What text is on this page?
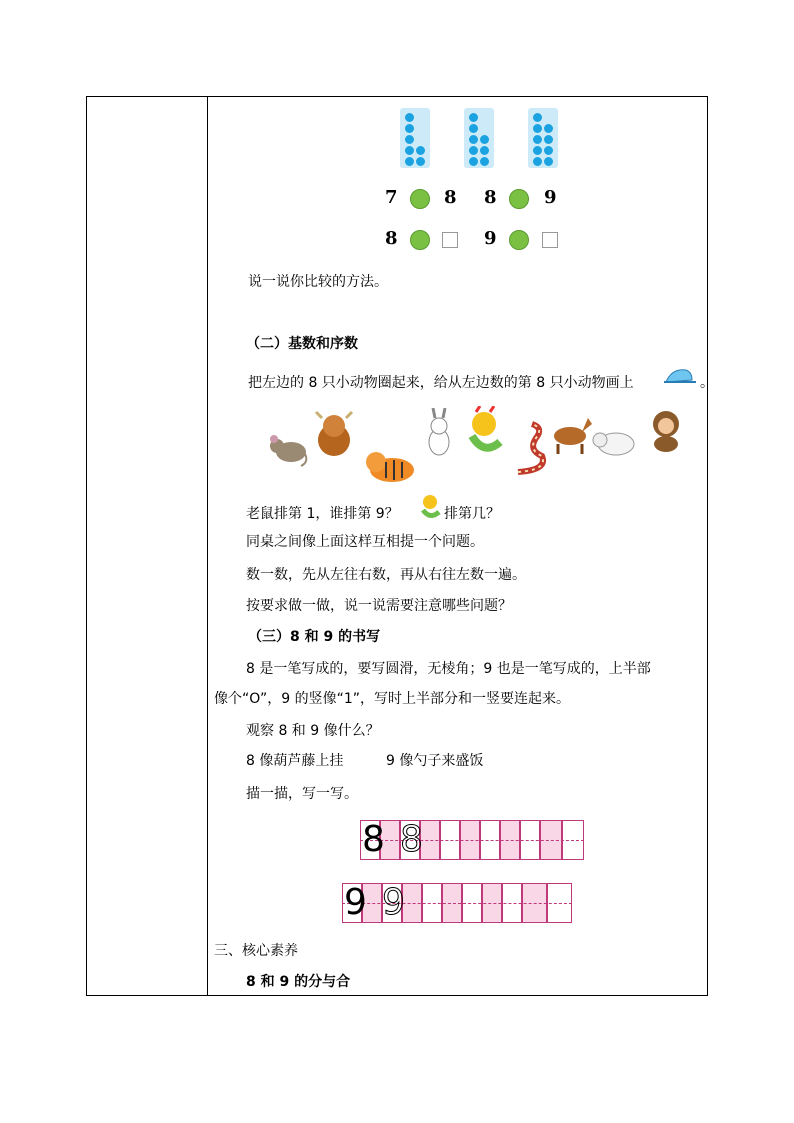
7	8 8	9
8	9
说一说你比较的方法。
（二）基数和序数
把左边的 8 只小动物圈起来，给从左边数的第 8 只小动物画上	。
老鼠排第 1，谁排第 9？	排第几？
同桌之间像上面这样互相提一个问题。
数一数，先从左往右数，再从右往左数一遍。
按要求做一做，说一说需要注意哪些问题？
（三）8 和 9 的书写
8 是一笔写成的，要写圆滑，无棱角；9 也是一笔写成的，上半部
像个“O”，9 的竖像“1”，写时上半部分和一竖要连起来。
观察 8 和 9 像什么？
8 像葫芦藤上挂	9 像勺子来盛饭
描一描，写一写。
8 8
9 9
三、核心素养
8 和 9 的分与合
